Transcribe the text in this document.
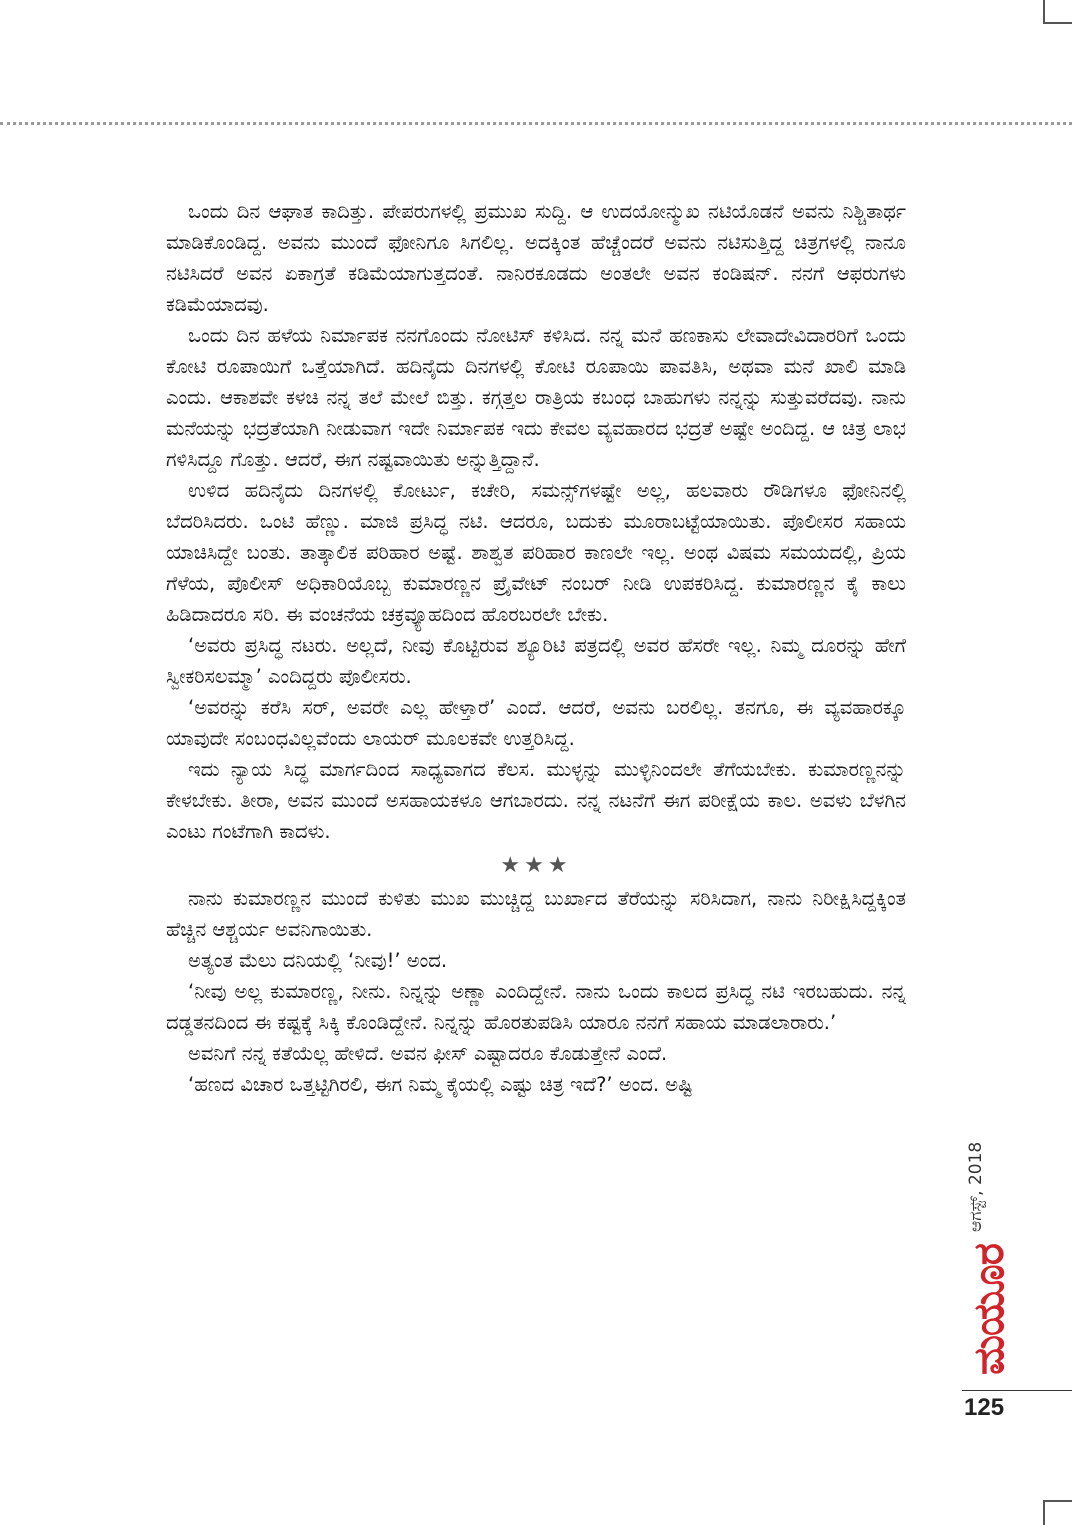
ಒಂದು ದಿನ ಆಘಾತ ಕಾದಿತ್ತು. ಪೇಪರುಗಳಲ್ಲಿ ಪ್ರಮುಖ ಸುದ್ದಿ. ಆ ಉದಯೋನ್ಮುಖ ನಟಿಯೊಡನೆ ಅವನು ನಿಶ್ಚಿತಾರ್ಥ ಮಾಡಿಕೊಂಡಿದ್ದ. ಅವನು ಮುಂದೆ ಫೋನಿಗೂ ಸಿಗಲಿಲ್ಲ. ಅದಕ್ಕಿಂತ ಹೆಚ್ಚೆಂದರೆ ಅವನು ನಟಿಸುತ್ತಿದ್ದ ಚಿತ್ರಗಳಲ್ಲಿ ನಾನೂ ನಟಿಸಿದರೆ ಅವನ ಏಕಾಗ್ರತೆ ಕಡಿಮೆಯಾಗುತ್ತದಂತೆ. ನಾನಿರಕೂಡದು ಅಂತಲೇ ಅವನ ಕಂಡಿಷನ್. ನನಗೆ ಆಫರುಗಳು ಕಡಿಮೆಯಾದವು.

ಒಂದು ದಿನ ಹಳೆಯ ನಿರ್ಮಾಪಕ ನನಗೊಂದು ನೋಟಿಸ್ ಕಳಿಸಿದ. ನನ್ನ ಮನೆ ಹಣಕಾಸು ಲೇವಾದೇವಿದಾರರಿಗೆ ಒಂದು ಕೋಟಿ ರೂಪಾಯಿಗೆ ಒತ್ತೆಯಾಗಿದೆ. ಹದಿನೈದು ದಿನಗಳಲ್ಲಿ ಕೋಟಿ ರೂಪಾಯಿ ಪಾವತಿಸಿ, ಅಥವಾ ಮನೆ ಖಾಲಿ ಮಾಡಿ ಎಂದು. ಆಕಾಶವೇ ಕಳಚಿ ನನ್ನ ತಲೆ ಮೇಲೆ ಬಿತ್ತು. ಕಗ್ಗತ್ತಲ ರಾತ್ರಿಯ ಕಬಂಧ ಬಾಹುಗಳು ನನ್ನನ್ನು ಸುತ್ತುವರೆದವು. ನಾನು ಮನೆಯನ್ನು ಭದ್ರತೆಯಾಗಿ ನೀಡುವಾಗ ಇದೇ ನಿರ್ಮಾಪಕ ಇದು ಕೇವಲ ವ್ಯವಹಾರದ ಭದ್ರತೆ ಅಷ್ಟೇ ಅಂದಿದ್ದ. ಆ ಚಿತ್ರ ಲಾಭ ಗಳಿಸಿದ್ದೂ ಗೊತ್ತು. ಆದರೆ, ಈಗ ನಷ್ಟವಾಯಿತು ಅನ್ನುತ್ತಿದ್ದಾನೆ.

ಉಳಿದ ಹದಿನೈದು ದಿನಗಳಲ್ಲಿ ಕೋರ್ಟು, ಕಚೇರಿ, ಸಮನ್ಸ್‌ಗಳಷ್ಟೇ ಅಲ್ಲ, ಹಲವಾರು ರೌಡಿಗಳೂ ಫೋನಿನಲ್ಲಿ ಬೆದರಿಸಿದರು. ಒಂಟಿ ಹೆಣ್ಣು. ಮಾಜಿ ಪ್ರಸಿದ್ಧ ನಟಿ. ಆದರೂ, ಬದುಕು ಮೂರಾಬಟ್ಟೆಯಾಯಿತು. ಪೊಲೀಸರ ಸಹಾಯ ಯಾಚಿಸಿದ್ದೇ ಬಂತು. ತಾತ್ಕಾಲಿಕ ಪರಿಹಾರ ಅಷ್ಟೆ. ಶಾಶ್ವತ ಪರಿಹಾರ ಕಾಣಲೇ ಇಲ್ಲ. ಅಂಥ ವಿಷಮ ಸಮಯದಲ್ಲಿ, ಪ್ರಿಯ ಗೆಳೆಯ, ಪೊಲೀಸ್ ಅಧಿಕಾರಿಯೊಬ್ಬ ಕುಮಾರಣ್ಣನ ಪ್ರೈವೇಟ್ ನಂಬರ್ ನೀಡಿ ಉಪಕರಿಸಿದ್ದ. ಕುಮಾರಣ್ಣನ ಕೈ ಕಾಲು ಹಿಡಿದಾದರೂ ಸರಿ. ಈ ವಂಚನೆಯ ಚಕ್ರವ್ಯೂಹದಿಂದ ಹೊರಬರಲೇ ಬೇಕು.

‘ಅವರು ಪ್ರಸಿದ್ಧ ನಟರು. ಅಲ್ಲದೆ, ನೀವು ಕೊಟ್ಟಿರುವ ಶ್ಯೂರಿಟಿ ಪತ್ರದಲ್ಲಿ ಅವರ ಹೆಸರೇ ಇಲ್ಲ. ನಿಮ್ಮ ದೂರನ್ನು ಹೇಗೆ ಸ್ವೀಕರಿಸಲಮ್ಮಾ’ ಎಂದಿದ್ದರು ಪೊಲೀಸರು.

‘ಅವರನ್ನು ಕರೆಸಿ ಸರ್, ಅವರೇ ಎಲ್ಲ ಹೇಳ್ತಾರೆ’ ಎಂದೆ. ಆದರೆ, ಅವನು ಬರಲಿಲ್ಲ. ತನಗೂ, ಈ ವ್ಯವಹಾರಕ್ಕೂ ಯಾವುದೇ ಸಂಬಂಧವಿಲ್ಲವೆಂದು ಲಾಯರ್ ಮೂಲಕವೇ ಉತ್ತರಿಸಿದ್ದ.

ಇದು ನ್ಯಾಯ ಸಿದ್ಧ ಮಾರ್ಗದಿಂದ ಸಾಧ್ಯವಾಗದ ಕೆಲಸ. ಮುಳ್ಳನ್ನು ಮುಳ್ಳಿನಿಂದಲೇ ತೆಗೆಯಬೇಕು. ಕುಮಾರಣ್ಣನನ್ನು ಕೇಳಬೇಕು. ತೀರಾ, ಅವನ ಮುಂದೆ ಅಸಹಾಯಕಳೂ ಆಗಬಾರದು. ನನ್ನ ನಟನೆಗೆ ಈಗ ಪರೀಕ್ಷೆಯ ಕಾಲ. ಅವಳು ಬೆಳಗಿನ ಎಂಟು ಗಂಟೆಗಾಗಿ ಕಾದಳು.

★★★

ನಾನು ಕುಮಾರಣ್ಣನ ಮುಂದೆ ಕುಳಿತು ಮುಖ ಮುಚ್ಚಿದ್ದ ಬುರ್ಖಾದ ತೆರೆಯನ್ನು ಸರಿಸಿದಾಗ, ನಾನು ನಿರೀಕ್ಷಿಸಿದ್ದಕ್ಕಿಂತ ಹೆಚ್ಚಿನ ಆಶ್ಚರ್ಯ ಅವನಿಗಾಯಿತು.

ಅತ್ಯಂತ ಮೆಲು ದನಿಯಲ್ಲಿ ‘ನೀವು!’ ಅಂದ.

‘ನೀವು ಅಲ್ಲ ಕುಮಾರಣ್ಣ, ನೀನು. ನಿನ್ನನ್ನು ಅಣ್ಣಾ ಎಂದಿದ್ದೇನೆ. ನಾನು ಒಂದು ಕಾಲದ ಪ್ರಸಿದ್ಧ ನಟಿ ಇರಬಹುದು. ನನ್ನ ದಡ್ಡತನದಿಂದ ಈ ಕಷ್ಟಕ್ಕೆ ಸಿಕ್ಕಿ ಕೊಂಡಿದ್ದೇನೆ. ನಿನ್ನನ್ನು ಹೊರತುಪಡಿಸಿ ಯಾರೂ ನನಗೆ ಸಹಾಯ ಮಾಡಲಾರಾರು.’

ಅವನಿಗೆ ನನ್ನ ಕತೆಯೆಲ್ಲ ಹೇಳಿದೆ. ಅವನ ಫೀಸ್ ಎಷ್ಟಾದರೂ ಕೊಡುತ್ತೇನೆ ಎಂದೆ.

‘ಹಣದ ವಿಚಾರ ಒತ್ತಟ್ಟಿಗಿರಲಿ, ಈಗ ನಿಮ್ಮ ಕೈಯಲ್ಲಿ ಎಷ್ಟು ಚಿತ್ರ ಇದೆ?’ ಅಂದ. ಅಷ್ಟಿ

ಆಗಸ್ಟ್, 2018
ಮಯೂರ
125
